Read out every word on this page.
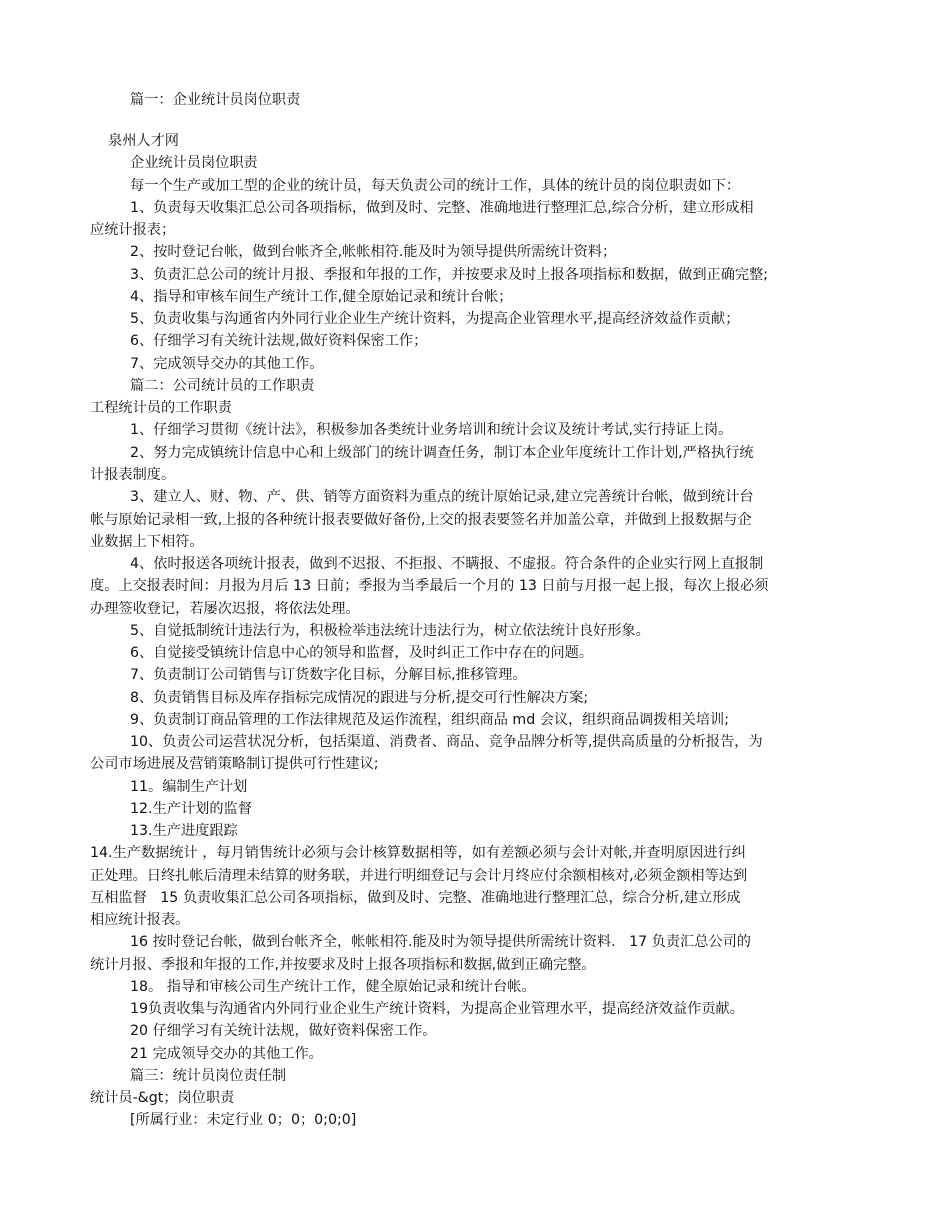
篇一：企业统计员岗位职责

泉州人才网

企业统计员岗位职责

每一个生产或加工型的企业的统计员，每天负责公司的统计工作，具体的统计员的岗位职责如下：

1、负责每天收集汇总公司各项指标，做到及时、完整、准确地进行整理汇总,综合分析，建立形成相

应统计报表；

2、按时登记台帐，做到台帐齐全,帐帐相符.能及时为领导提供所需统计资料；

3、负责汇总公司的统计月报、季报和年报的工作，并按要求及时上报各项指标和数据，做到正确完整;

4、指导和审核车间生产统计工作,健全原始记录和统计台帐；

5、负责收集与沟通省内外同行业企业生产统计资料，为提高企业管理水平,提高经济效益作贡献；

6、仔细学习有关统计法规,做好资料保密工作；

7、完成领导交办的其他工作。

篇二：公司统计员的工作职责

工程统计员的工作职责

1、仔细学习贯彻《统计法》，积极参加各类统计业务培训和统计会议及统计考试,实行持证上岗。

2、努力完成镇统计信息中心和上级部门的统计调查任务，制订本企业年度统计工作计划,严格执行统

计报表制度。

3、建立人、财、物、产、供、销等方面资料为重点的统计原始记录,建立完善统计台帐，做到统计台

帐与原始记录相一致,上报的各种统计报表要做好备份,上交的报表要签名并加盖公章，并做到上报数据与企

业数据上下相符。

4、依时报送各项统计报表，做到不迟报、不拒报、不瞒报、不虚报。符合条件的企业实行网上直报制

度。上交报表时间：月报为月后 13 日前；季报为当季最后一个月的 13 日前与月报一起上报，每次上报必须

办理签收登记，若屡次迟报，将依法处理。

5、自觉抵制统计违法行为，积极检举违法统计违法行为，树立依法统计良好形象。

6、自觉接受镇统计信息中心的领导和监督，及时纠正工作中存在的问题。

7、负责制订公司销售与订货数字化目标，分解目标,推移管理。

8、负责销售目标及库存指标完成情况的跟进与分析,提交可行性解决方案;

9、负责制订商品管理的工作法律规范及运作流程，组织商品 md 会议，组织商品调拨相关培训;

10、负责公司运营状况分析，包括渠道、消费者、商品、竞争品牌分析等,提供高质量的分析报告，为

公司市场进展及营销策略制订提供可行性建议;

11。编制生产计划

12.生产计划的监督

13.生产进度跟踪

14.生产数据统计 ，每月销售统计必须与会计核算数据相等，如有差额必须与会计对帐,并查明原因进行纠

正处理。日终扎帐后清理未结算的财务联，并进行明细登记与会计月终应付余额相核对,必须金额相等达到

互相监督   15 负责收集汇总公司各项指标，做到及时、完整、准确地进行整理汇总，综合分析,建立形成

相应统计报表。

16 按时登记台帐，做到台帐齐全，帐帐相符.能及时为领导提供所需统计资料.   17 负责汇总公司的

统计月报、季报和年报的工作,并按要求及时上报各项指标和数据,做到正确完整。

18。 指导和审核公司生产统计工作，健全原始记录和统计台帐。

19负责收集与沟通省内外同行业企业生产统计资料，为提高企业管理水平，提高经济效益作贡献。

20 仔细学习有关统计法规，做好资料保密工作。

21 完成领导交办的其他工作。

篇三：统计员岗位责任制

统计员-&gt；岗位职责

[所属行业：未定行业 0；0；0;0;0]
